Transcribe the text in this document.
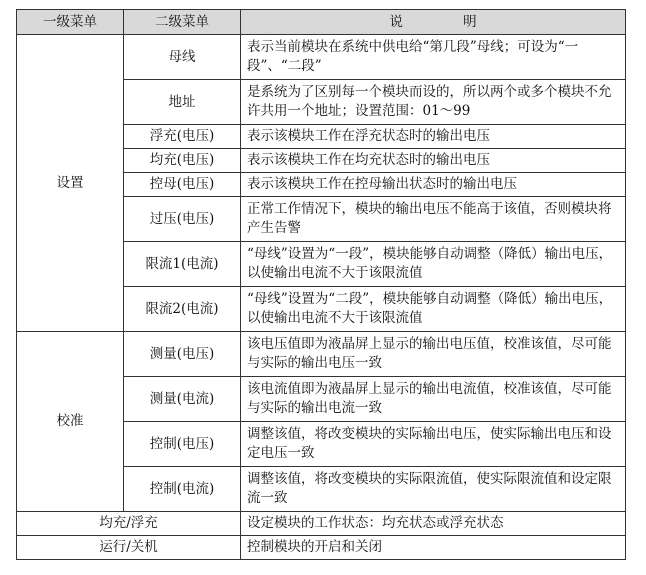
一级菜单	二级菜单	说 明
设置	母线	表示当前模块在系统中供电给“第几段”母线；可设为“一段”、“二段”
	地址	是系统为了区别每一个模块而设的，所以两个或多个模块不允许共用一个地址；设置范围：01～99
	浮充(电压)	表示该模块工作在浮充状态时的输出电压
	均充(电压)	表示该模块工作在均充状态时的输出电压
	控母(电压)	表示该模块工作在控母输出状态时的输出电压
	过压(电压)	正常工作情况下，模块的输出电压不能高于该值，否则模块将产生告警
	限流1(电流)	“母线”设置为“一段”，模块能够自动调整（降低）输出电压，以使输出电流不大于该限流值
	限流2(电流)	“母线”设置为“二段”，模块能够自动调整（降低）输出电压，以使输出电流不大于该限流值
校准	测量(电压)	该电压值即为液晶屏上显示的输出电压值，校准该值，尽可能与实际的输出电压一致
	测量(电流)	该电流值即为液晶屏上显示的输出电流值，校准该值，尽可能与实际的输出电流一致
	控制(电压)	调整该值，将改变模块的实际输出电压，使实际输出电压和设定电压一致
	控制(电流)	调整该值，将改变模块的实际限流值，使实际限流值和设定限流一致
均充/浮充		设定模块的工作状态：均充状态或浮充状态
运行/关机		控制模块的开启和关闭
